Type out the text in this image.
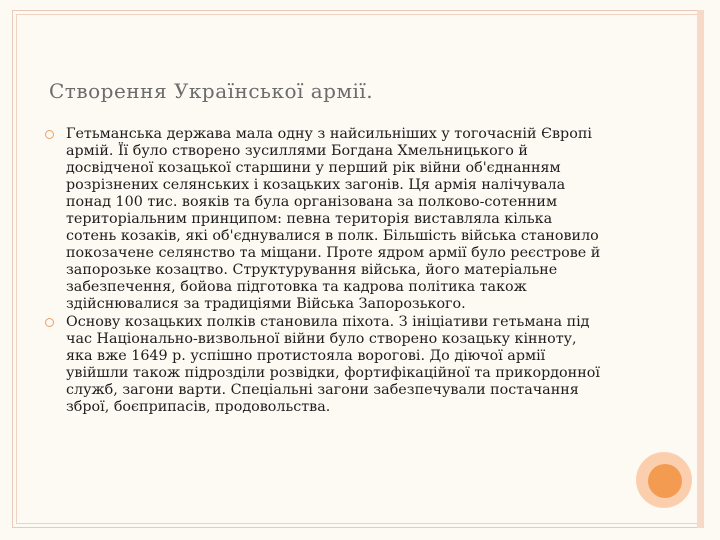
Створення Української армії.
Гетьманська держава мала одну з найсильніших у тогочасній Європі армій. Її було створено зусиллями Богдана Хмельницького й досвідченої козацької старшини у перший рік війни об'єднанням розрізнених селянських і козацьких загонів. Ця армія налічувала понад 100 тис. вояків та була організована за полково-сотенним територіальним принципом: певна територія виставляла кілька сотень козаків, які об'єднувалися в полк. Більшість війська становило покозачене селянство та міщани. Проте ядром армії було реєстрове й запорозьке козацтво. Структурування війська, його матеріальне забезпечення, бойова підготовка та кадрова політика також здійснювалися за традиціями Війська Запорозького.
Основу козацьких полків становила піхота. З ініціативи гетьмана під час Національно-визвольної війни було створено козацьку кінноту, яка вже 1649 р. успішно протистояла ворогові. До діючої армії увійшли також підрозділи розвідки, фортифікаційної та прикордонної служб, загони варти. Спеціальні загони забезпечували постачання зброї, боєприпасів, продовольства.
